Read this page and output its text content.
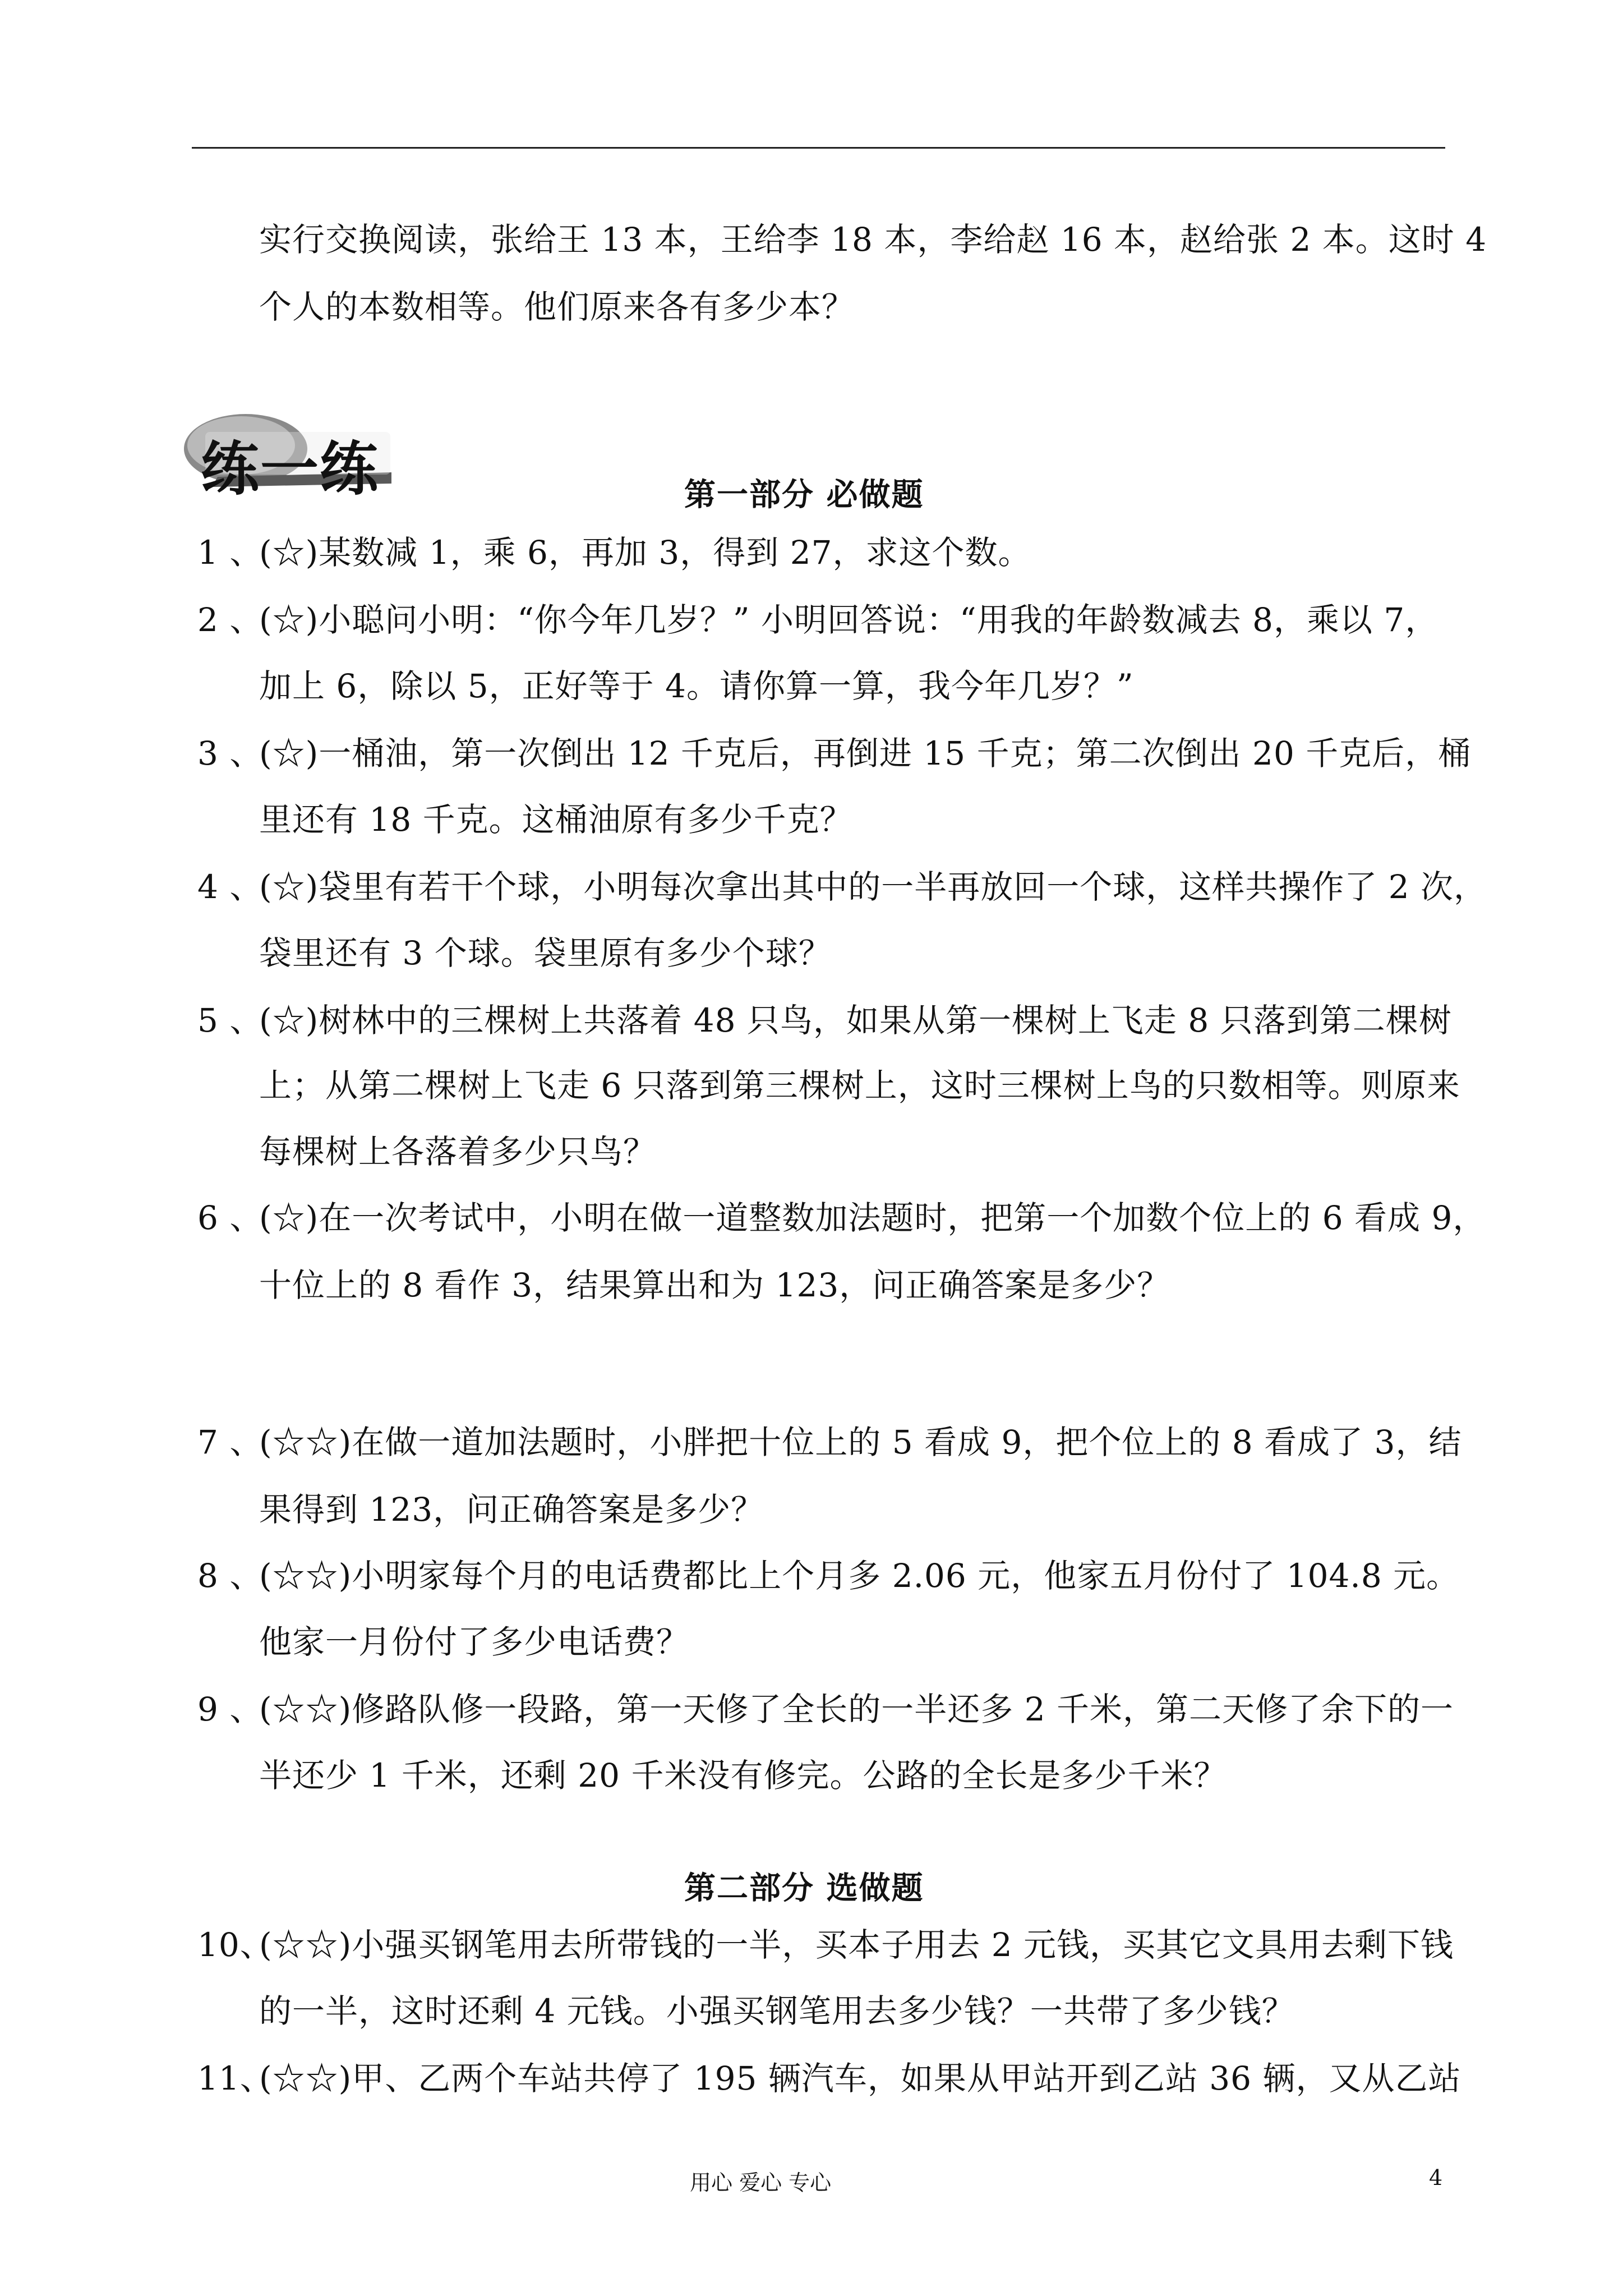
实行交换阅读，张给王 13 本，王给李 18 本，李给赵 16 本，赵给张 2 本。这时 4
个人的本数相等。他们原来各有多少本？
练一练	第一部分 必做题
1 、
(☆)某数减 1，乘 6，再加 3，得到 27，求这个数。
2 、
(☆)小聪问小明：“你今年几岁？” 小明回答说：“用我的年龄数减去 8，乘以 7，
加上 6，除以 5，正好等于 4。请你算一算，我今年几岁？”
3 、
(☆)一桶油，第一次倒出 12 千克后，再倒进 15 千克；第二次倒出 20 千克后，桶
里还有 18 千克。这桶油原有多少千克？
4 、
(☆)袋里有若干个球，小明每次拿出其中的一半再放回一个球，这样共操作了 2 次，
袋里还有 3 个球。袋里原有多少个球？
5 、
(☆)树林中的三棵树上共落着 48 只鸟，如果从第一棵树上飞走 8 只落到第二棵树
上；从第二棵树上飞走 6 只落到第三棵树上，这时三棵树上鸟的只数相等。则原来
每棵树上各落着多少只鸟？
6 、
(☆)在一次考试中，小明在做一道整数加法题时，把第一个加数个位上的 6 看成 9，
十位上的 8 看作 3，结果算出和为 123，问正确答案是多少？
7 、
(☆☆)在做一道加法题时，小胖把十位上的 5 看成 9，把个位上的 8 看成了 3，结
果得到 123，问正确答案是多少？
8 、
(☆☆)小明家每个月的电话费都比上个月多 2.06 元，他家五月份付了 104.8 元。
他家一月份付了多少电话费？
9 、
(☆☆)修路队修一段路，第一天修了全长的一半还多 2 千米，第二天修了余下的一
半还少 1 千米，还剩 20 千米没有修完。公路的全长是多少千米？
第二部分 选做题
10、
(☆☆)小强买钢笔用去所带钱的一半，买本子用去 2 元钱，买其它文具用去剩下钱
的一半，这时还剩 4 元钱。小强买钢笔用去多少钱？一共带了多少钱？
11、
(☆☆)甲、乙两个车站共停了 195 辆汽车，如果从甲站开到乙站 36 辆，又从乙站
用心 爱心 专心	4
